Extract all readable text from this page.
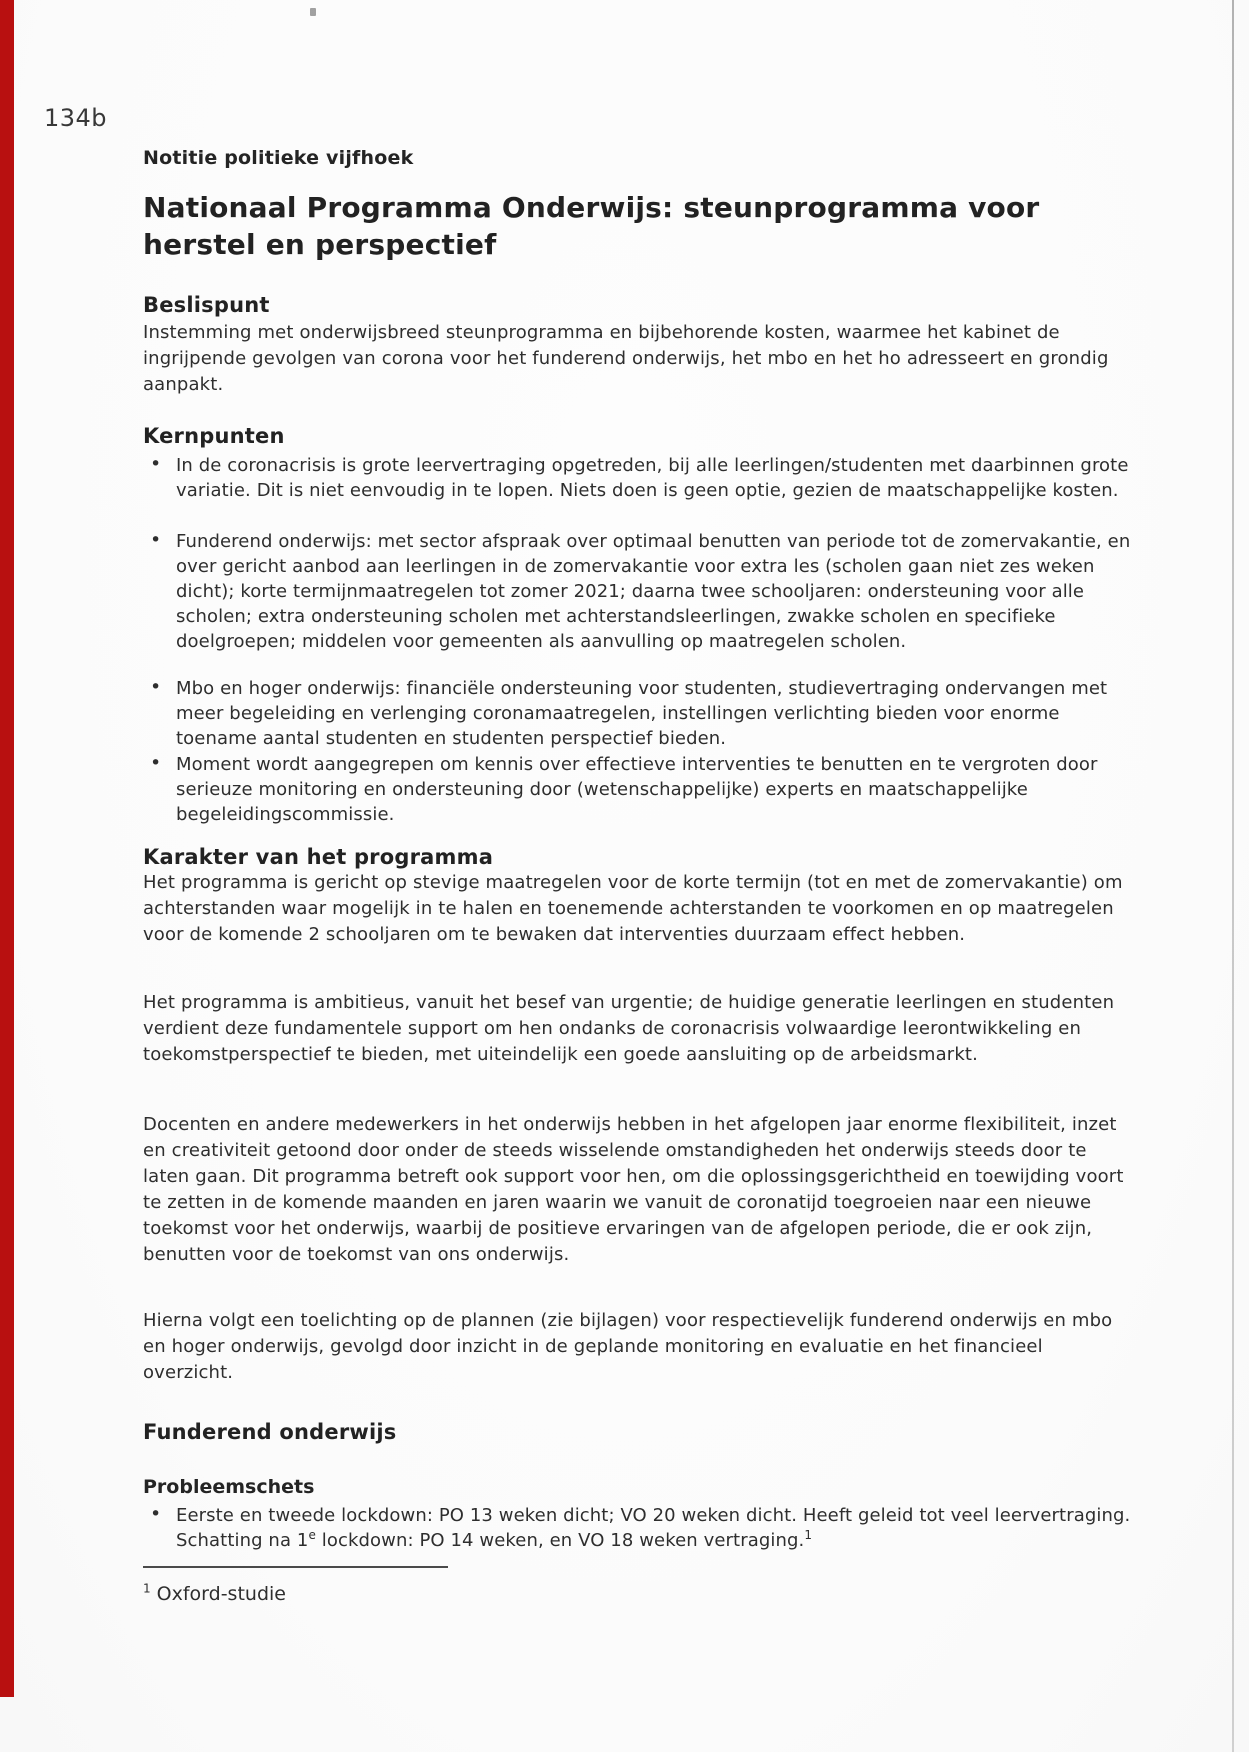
134b
Notitie politieke vijfhoek
Nationaal Programma Onderwijs: steunprogramma voor herstel en perspectief
Beslispunt

Instemming met onderwijsbreed steunprogramma en bijbehorende kosten, waarmee het kabinet de ingrijpende gevolgen van corona voor het funderend onderwijs, het mbo en het ho adresseert en grondig aanpakt.

Kernpunten
• In de coronacrisis is grote leervertraging opgetreden, bij alle leerlingen/studenten met daarbinnen grote variatie. Dit is niet eenvoudig in te lopen. Niets doen is geen optie, gezien de maatschappelijke kosten.
• Funderend onderwijs: met sector afspraak over optimaal benutten van periode tot de zomervakantie, en over gericht aanbod aan leerlingen in de zomervakantie voor extra les (scholen gaan niet zes weken dicht); korte termijnmaatregelen tot zomer 2021; daarna twee schooljaren: ondersteuning voor alle scholen; extra ondersteuning scholen met achterstandsleerlingen, zwakke scholen en specifieke doelgroepen; middelen voor gemeenten als aanvulling op maatregelen scholen.
• Mbo en hoger onderwijs: financiële ondersteuning voor studenten, studievertraging ondervangen met meer begeleiding en verlenging coronamaatregelen, instellingen verlichting bieden voor enorme toename aantal studenten en studenten perspectief bieden.
• Moment wordt aangegrepen om kennis over effectieve interventies te benutten en te vergroten door serieuze monitoring en ondersteuning door (wetenschappelijke) experts en maatschappelijke begeleidingscommissie.
Karakter van het programma

Het programma is gericht op stevige maatregelen voor de korte termijn (tot en met de zomervakantie) om achterstanden waar mogelijk in te halen en toenemende achterstanden te voorkomen en op maatregelen voor de komende 2 schooljaren om te bewaken dat interventies duurzaam effect hebben.

Het programma is ambitieus, vanuit het besef van urgentie; de huidige generatie leerlingen en studenten verdient deze fundamentele support om hen ondanks de coronacrisis volwaardige leerontwikkeling en toekomstperspectief te bieden, met uiteindelijk een goede aansluiting op de arbeidsmarkt.

Docenten en andere medewerkers in het onderwijs hebben in het afgelopen jaar enorme flexibiliteit, inzet en creativiteit getoond door onder de steeds wisselende omstandigheden het onderwijs steeds door te laten gaan. Dit programma betreft ook support voor hen, om die oplossingsgerichtheid en toewijding voort te zetten in de komende maanden en jaren waarin we vanuit de coronatijd toegroeien naar een nieuwe toekomst voor het onderwijs, waarbij de positieve ervaringen van de afgelopen periode, die er ook zijn, benutten voor de toekomst van ons onderwijs.

Hierna volgt een toelichting op de plannen (zie bijlagen) voor respectievelijk funderend onderwijs en mbo en hoger onderwijs, gevolgd door inzicht in de geplande monitoring en evaluatie en het financieel overzicht.

Funderend onderwijs
Probleemschets
• Eerste en tweede lockdown: PO 13 weken dicht; VO 20 weken dicht. Heeft geleid tot veel leervertraging. Schatting na 1e lockdown: PO 14 weken, en VO 18 weken vertraging.$^1$
$^1$ Oxford-studie
